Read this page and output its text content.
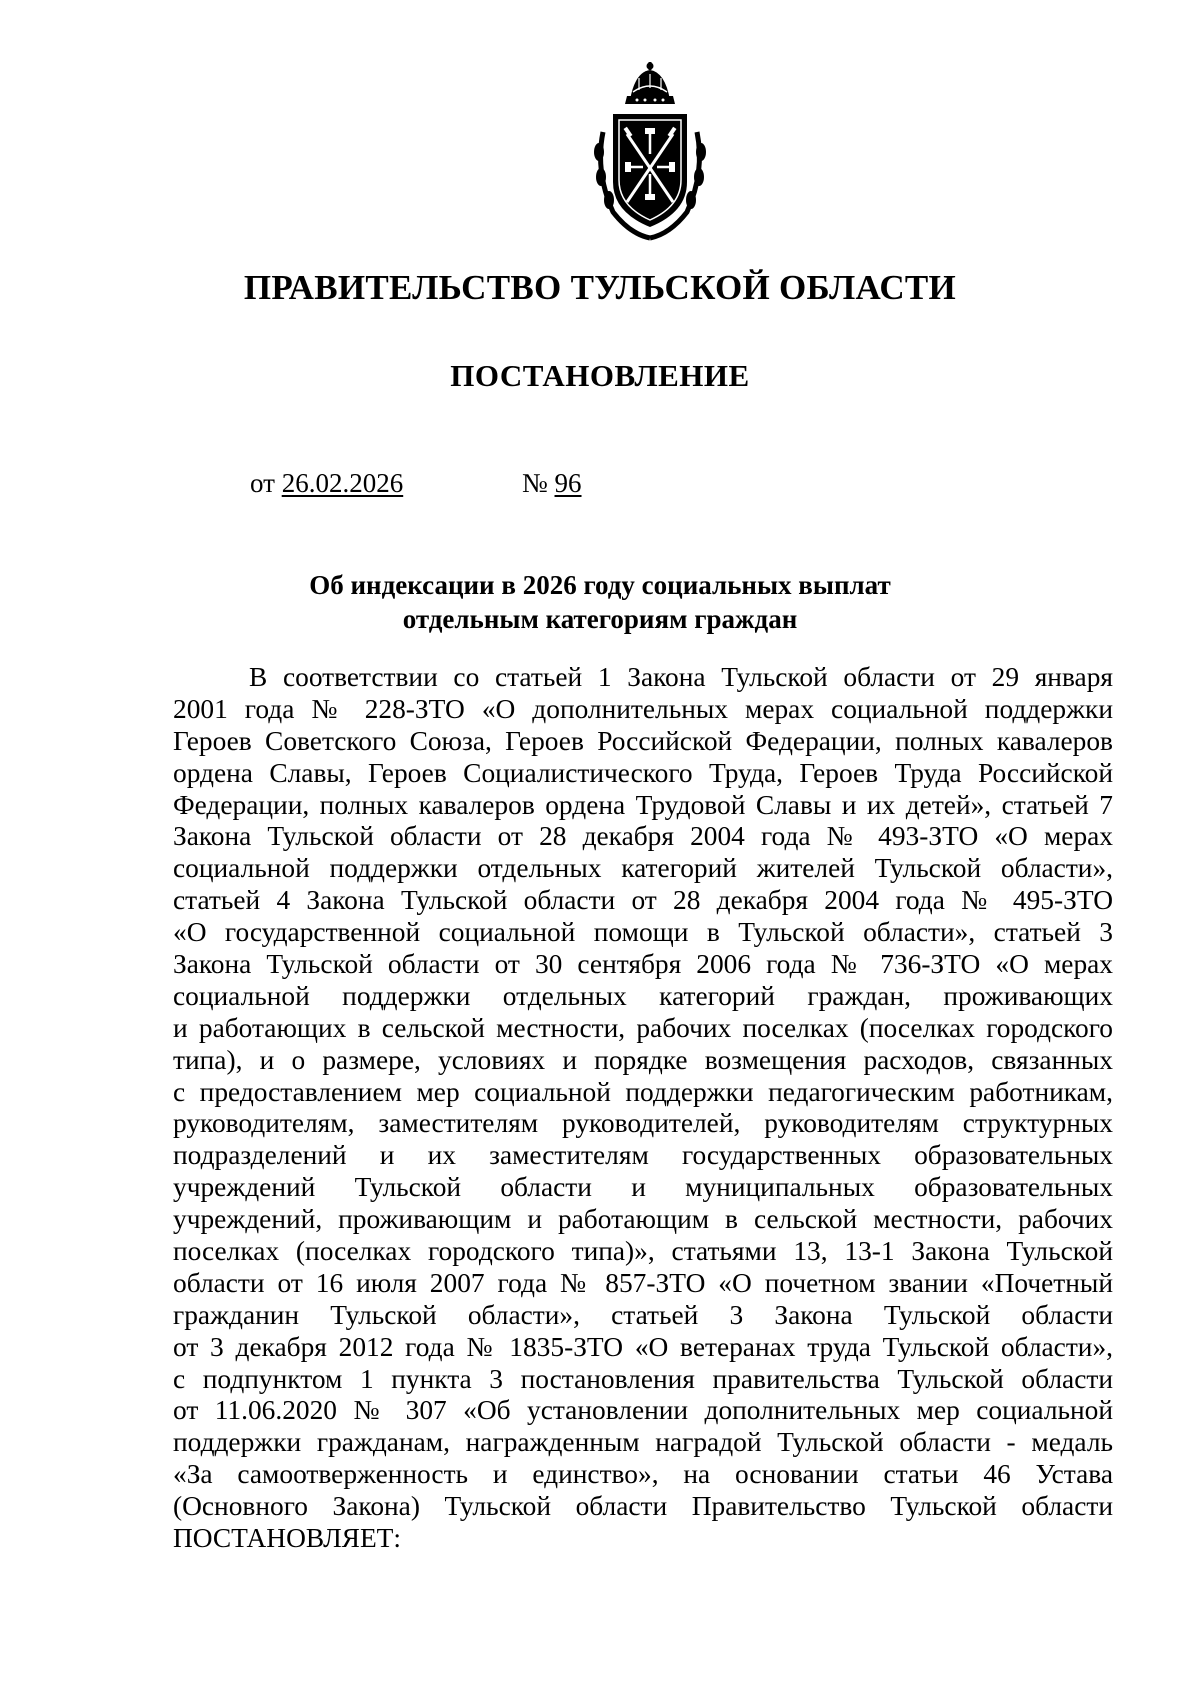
ПРАВИТЕЛЬСТВО ТУЛЬСКОЙ ОБЛАСТИ
ПОСТАНОВЛЕНИЕ
от 26.02.2026	№ 96
Об индексации в 2026 году социальных выплат
отдельным категориям граждан
В соответствии со статьей 1 Закона Тульской области от 29 января
2001 года № 228-ЗТО «О дополнительных мерах социальной поддержки
Героев Советского Союза, Героев Российской Федерации, полных кавалеров
ордена Славы, Героев Социалистического Труда, Героев Труда Российской
Федерации, полных кавалеров ордена Трудовой Славы и их детей», статьей 7
Закона Тульской области от 28 декабря 2004 года № 493-ЗТО «О мерах
социальной поддержки отдельных категорий жителей Тульской области»,
статьей 4 Закона Тульской области от 28 декабря 2004 года № 495-ЗТО
«О государственной социальной помощи в Тульской области», статьей 3
Закона Тульской области от 30 сентября 2006 года № 736-ЗТО «О мерах
социальной поддержки отдельных категорий граждан, проживающих
и работающих в сельской местности, рабочих поселках (поселках городского
типа), и о размере, условиях и порядке возмещения расходов, связанных
с предоставлением мер социальной поддержки педагогическим работникам,
руководителям, заместителям руководителей, руководителям структурных
подразделений и их заместителям государственных образовательных
учреждений Тульской области и муниципальных образовательных
учреждений, проживающим и работающим в сельской местности, рабочих
поселках (поселках городского типа)», статьями 13, 13-1 Закона Тульской
области от 16 июля 2007 года № 857-ЗТО «О почетном звании «Почетный
гражданин Тульской области», статьей 3 Закона Тульской области
от 3 декабря 2012 года № 1835-ЗТО «О ветеранах труда Тульской области»,
с подпунктом 1 пункта 3 постановления правительства Тульской области
от 11.06.2020 № 307 «Об установлении дополнительных мер социальной
поддержки гражданам, награжденным наградой Тульской области - медаль
«За самоотверженность и единство», на основании статьи 46 Устава
(Основного Закона) Тульской области Правительство Тульской области
ПОСТАНОВЛЯЕТ:
